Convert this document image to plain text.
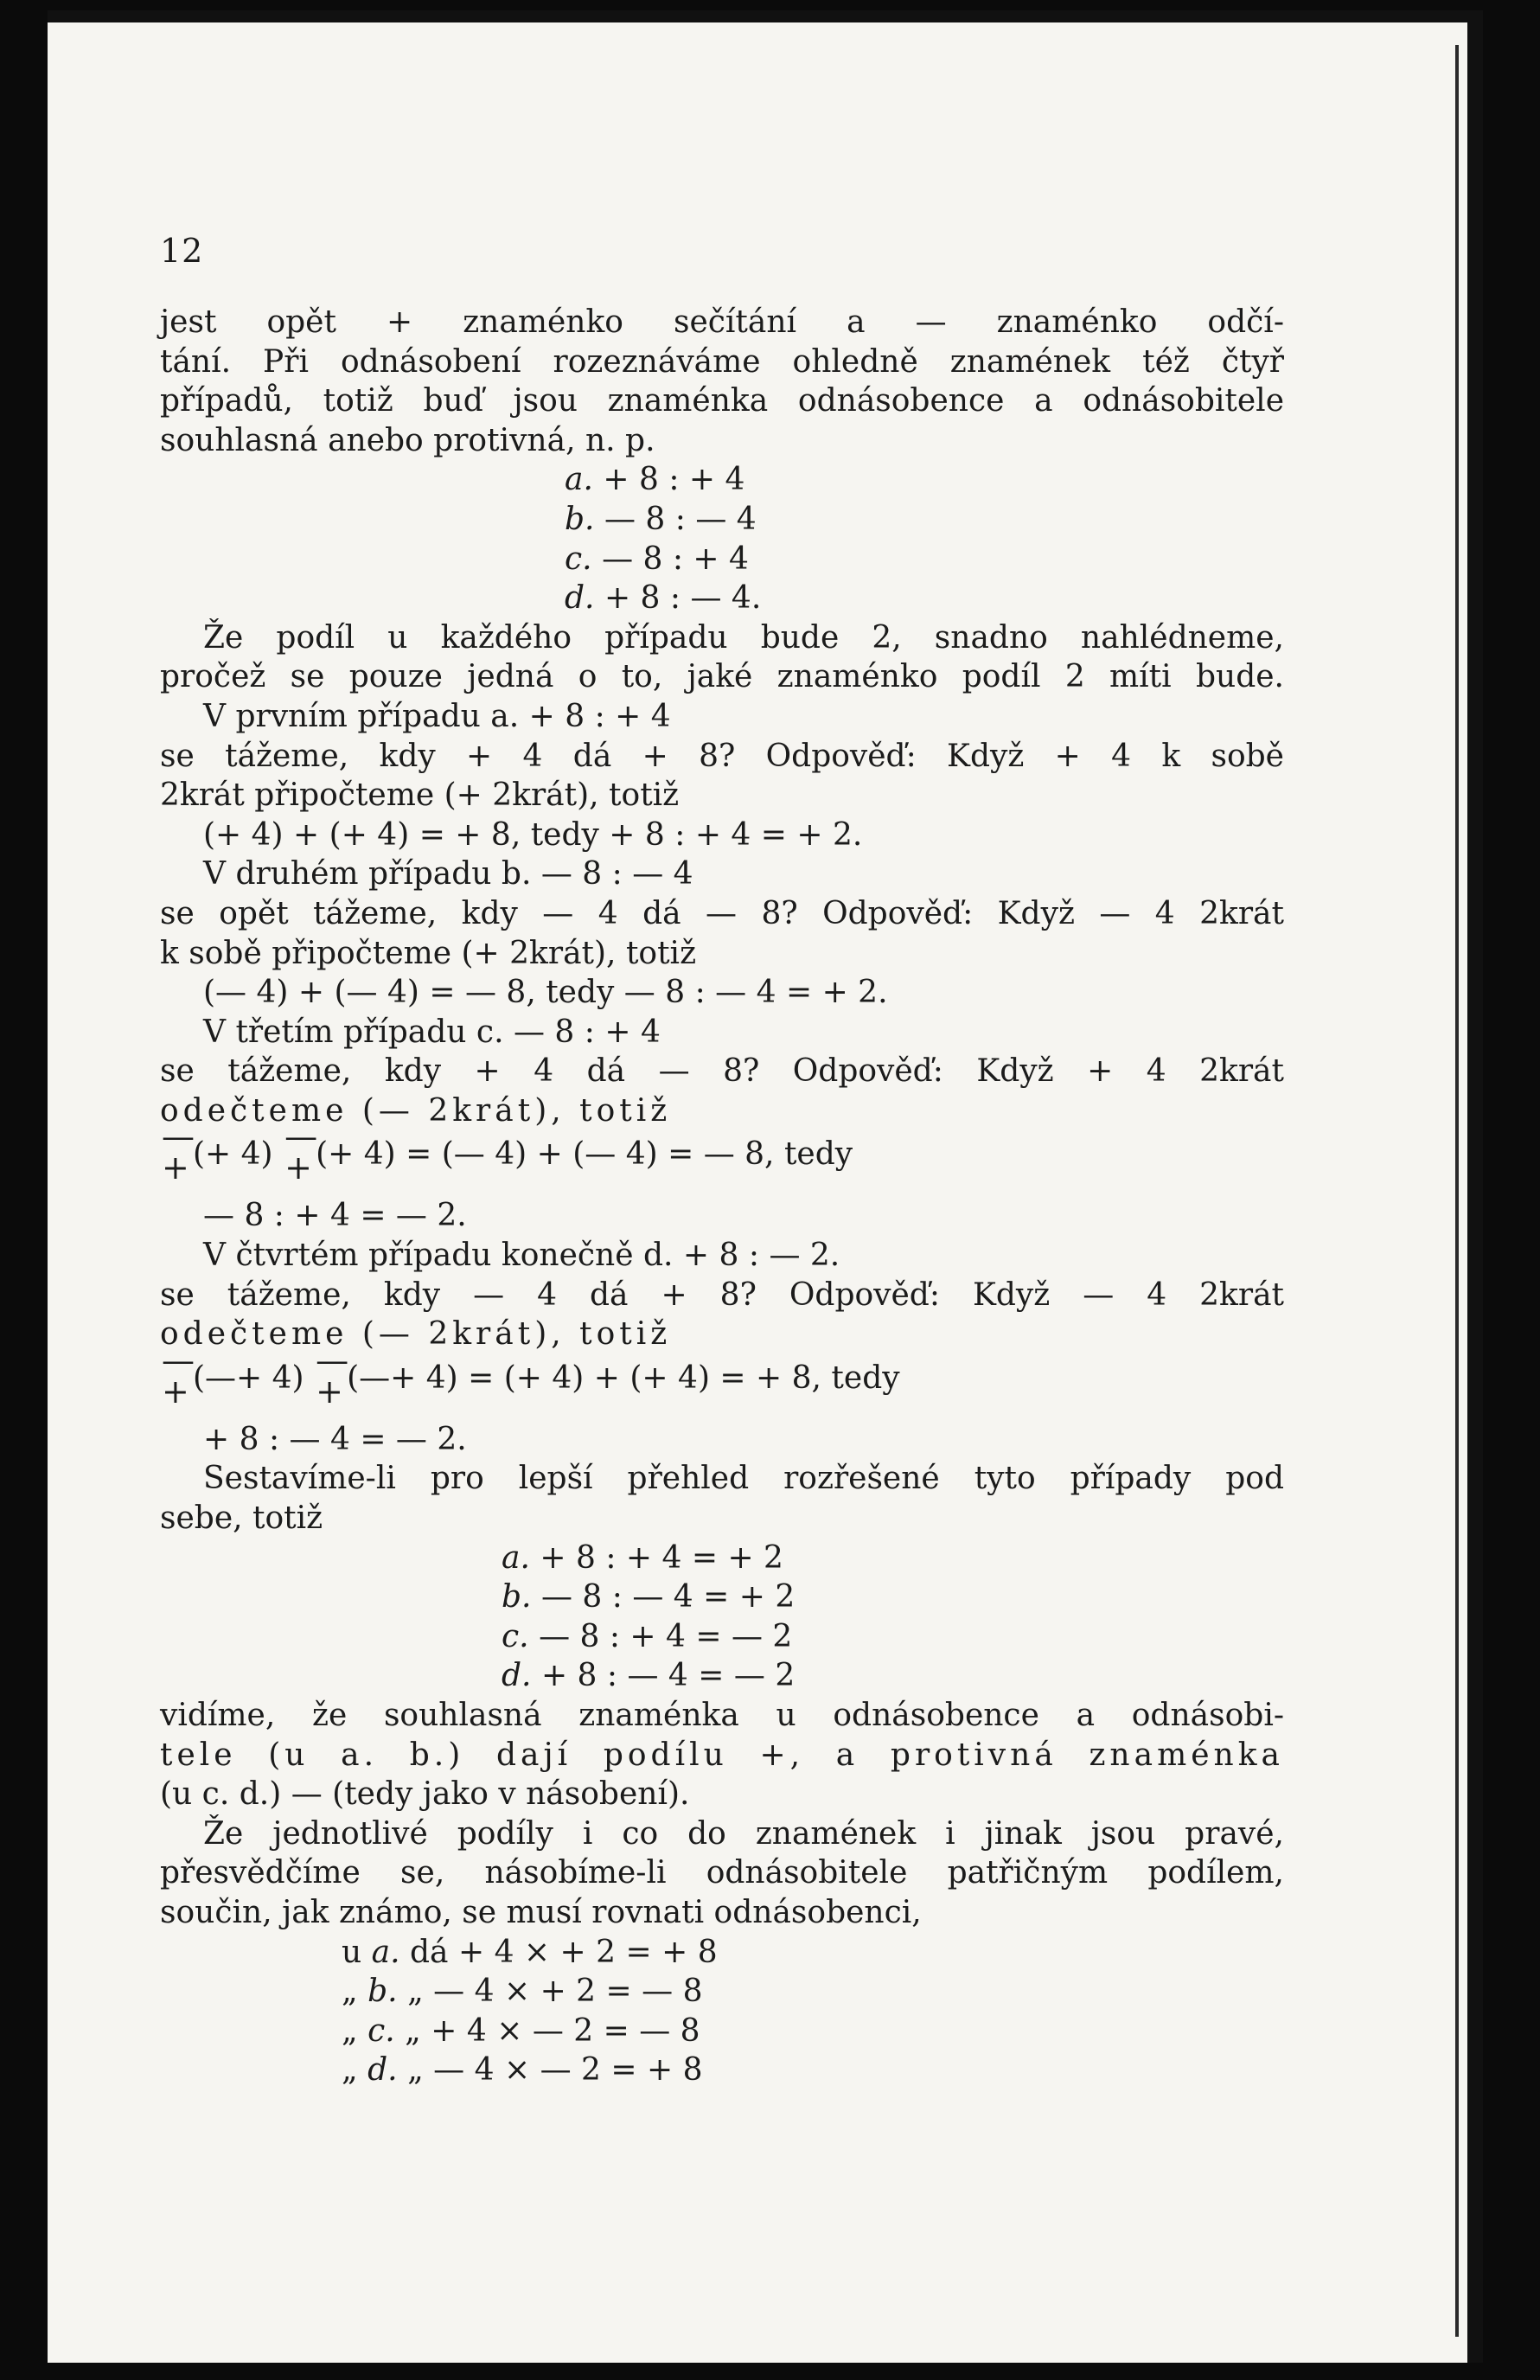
12
jest opět + znaménko sečítání a — znaménko odčí-
tání. Při odnásobení rozeznáváme ohledně znamének též čtyř
případů, totiž buď jsou znaménka odnásobence a odnásobitele
souhlasná anebo protivná, n. p.
a. + 8 : + 4
b. — 8 : — 4
c. — 8 : + 4
d. + 8 : — 4.
Že podíl u každého případu bude 2, snadno nahlédneme,
pročež se pouze jedná o to, jaké znaménko podíl 2 míti bude.
V prvním případu a. + 8 : + 4
se tážeme, kdy + 4 dá + 8? Odpověď: Když + 4 k sobě
2krát připočteme (+ 2krát), totiž
(+ 4) + (+ 4) = + 8, tedy + 8 : + 4 = + 2.
V druhém případu b. — 8 : — 4
se opět tážeme, kdy — 4 dá — 8? Odpověď: Když — 4 2krát
k sobě připočteme (+ 2krát), totiž
(— 4) + (— 4) = — 8, tedy — 8 : — 4 = + 2.
V třetím případu c. — 8 : + 4
se tážeme, kdy + 4 dá — 8? Odpověď: Když + 4 2krát
odečteme (— 2krát), totiž
—
+ (+ 4) —
+ (+ 4) = (— 4) + (— 4) = — 8, tedy
— 8 : + 4 = — 2.
V čtvrtém případu konečně d. + 8 : — 2.
se tážeme, kdy — 4 dá + 8? Odpověď: Když — 4 2krát
odečteme (— 2krát), totiž
—
+ (—+ 4) —
+ (—+ 4) = (+ 4) + (+ 4) = + 8, tedy
+ 8 : — 4 = — 2.
Sestavíme-li pro lepší přehled rozřešené tyto případy pod
sebe, totiž
a. + 8 : + 4 = + 2
b. — 8 : — 4 = + 2
c. — 8 : + 4 = — 2
d. + 8 : — 4 = — 2
vidíme, že souhlasná znaménka u odnásobence a odnásobi-
tele (u a. b.) dají podílu +, a protivná znaménka
(u c. d.) — (tedy jako v násobení).
Že jednotlivé podíly i co do znamének i jinak jsou pravé,
přesvědčíme se, násobíme-li odnásobitele patřičným podílem,
součin, jak známo, se musí rovnati odnásobenci,
u a. dá + 4 × + 2 = + 8
„ b. „ — 4 × + 2 = — 8
„ c. „ + 4 × — 2 = — 8
„ d. „ — 4 × — 2 = + 8
